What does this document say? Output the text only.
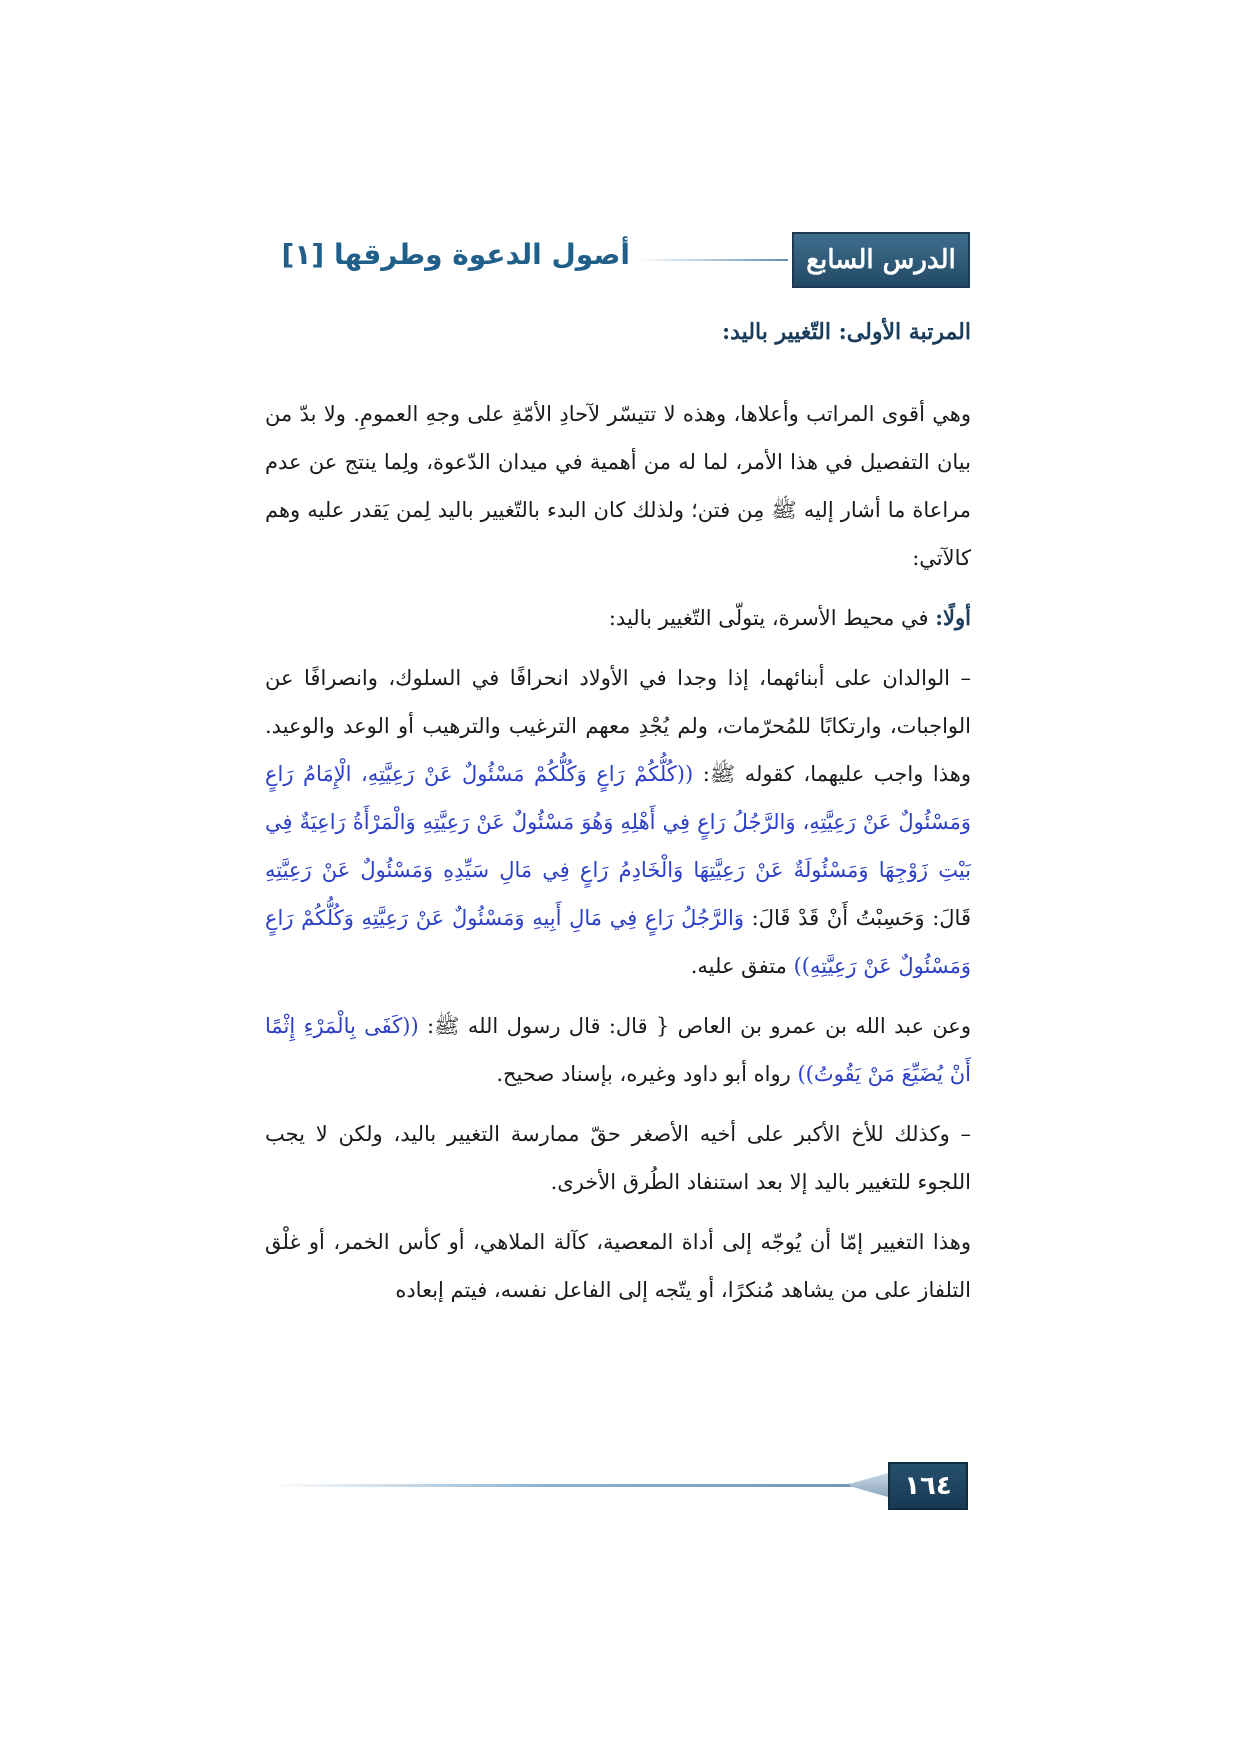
الدرس السابع
أصول الدعوة وطرقها [١]

المرتبة الأولى: التّغيير باليد:

وهي أقوى المراتب وأعلاها، وهذه لا تتيسّر لآحادِ الأمّةِ على وجهِ العمومِ. ولا بدّ من بيان التفصيل في هذا الأمر، لما له من أهمية في ميدان الدّعوة، ولِما ينتج عن عدم مراعاة ما أشار إليه ﷺ مِن فتن؛ ولذلك كان البدء بالتّغيير باليد لِمن يَقدر عليه وهم كالآتي:

أولًا: في محيط الأسرة، يتولّى التّغيير باليد:

– الوالدان على أبنائهما، إذا وجدا في الأولاد انحرافًا في السلوك، وانصرافًا عن الواجبات، وارتكابًا للمُحرّمات، ولم يُجْدِ معهم الترغيب والترهيب أو الوعد والوعيد. وهذا واجب عليهما، كقوله ﷺ: ((كُلُّكُمْ رَاعٍ وَكُلُّكُمْ مَسْئُولٌ عَنْ رَعِيَّتِهِ، الْإِمَامُ رَاعٍ وَمَسْئُولٌ عَنْ رَعِيَّتِهِ، وَالرَّجُلُ رَاعٍ فِي أَهْلِهِ وَهُوَ مَسْئُولٌ عَنْ رَعِيَّتِهِ وَالْمَرْأَةُ رَاعِيَةٌ فِي بَيْتِ زَوْجِهَا وَمَسْئُولَةٌ عَنْ رَعِيَّتِهَا وَالْخَادِمُ رَاعٍ فِي مَالِ سَيِّدِهِ وَمَسْئُولٌ عَنْ رَعِيَّتِهِ قَالَ: وَحَسِبْتُ أَنْ قَدْ قَالَ: وَالرَّجُلُ رَاعٍ فِي مَالِ أَبِيهِ وَمَسْئُولٌ عَنْ رَعِيَّتِهِ وَكُلُّكُمْ رَاعٍ وَمَسْئُولٌ عَنْ رَعِيَّتِهِ)) متفق عليه.

وعن عبد الله بن عمرو بن العاص { قال: قال رسول الله ﷺ: ((كَفَى بِالْمَرْءِ إِثْمًا أَنْ يُضَيِّعَ مَنْ يَقُوتُ)) رواه أبو داود وغيره، بإسناد صحيح.

– وكذلك للأخ الأكبر على أخيه الأصغر حقّ ممارسة التغيير باليد، ولكن لا يجب اللجوء للتغيير باليد إلا بعد استنفاد الطُرق الأخرى.

وهذا التغيير إمّا أن يُوجّه إلى أداة المعصية، كآلة الملاهي، أو كأس الخمر، أو غلْق التلفاز على من يشاهد مُنكرًا، أو يتّجه إلى الفاعل نفسه، فيتم إبعاده

١٦٤
